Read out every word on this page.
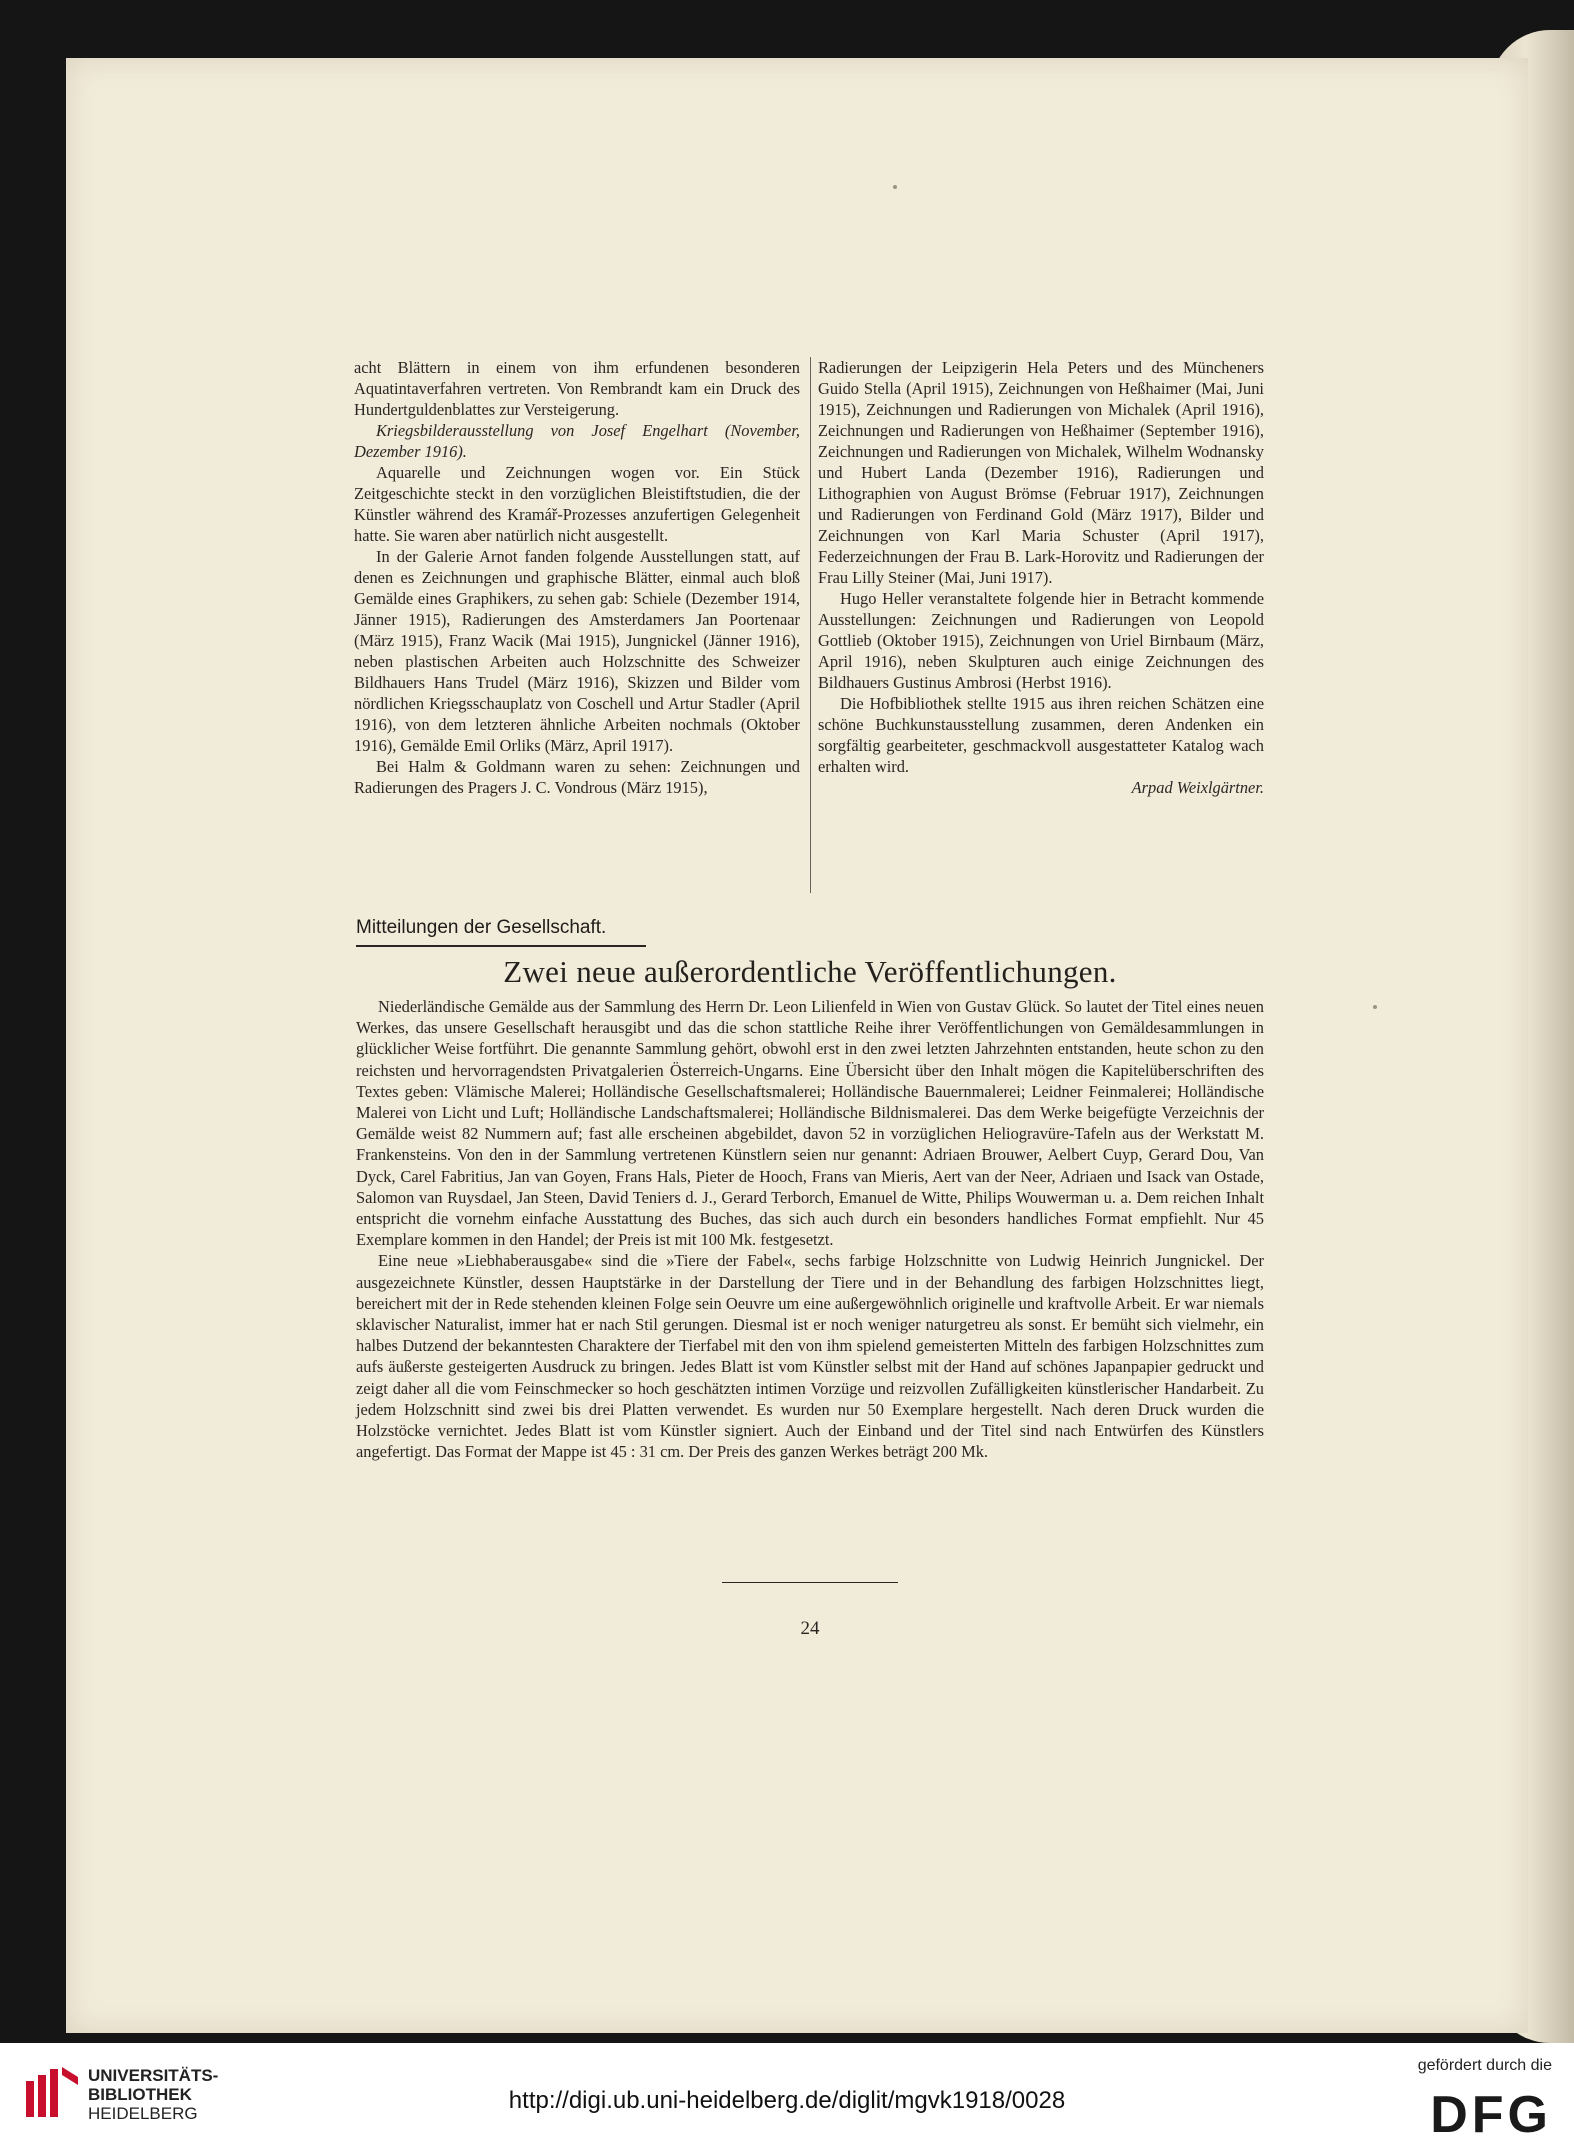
acht Blättern in einem von ihm erfundenen besonderen Aquatintaverfahren vertreten. Von Rembrandt kam ein Druck des Hundertguldenblattes zur Versteigerung.

Kriegsbilderausstellung von Josef Engelhart (November, Dezember 1916).

Aquarelle und Zeichnungen wogen vor. Ein Stück Zeitgeschichte steckt in den vorzüglichen Bleistiftstudien, die der Künstler während des Kramář-Prozesses anzufertigen Gelegenheit hatte. Sie waren aber natürlich nicht ausgestellt.

In der Galerie Arnot fanden folgende Ausstellungen statt, auf denen es Zeichnungen und graphische Blätter, einmal auch bloß Gemälde eines Graphikers, zu sehen gab: Schiele (Dezember 1914, Jänner 1915), Radierungen des Amsterdamers Jan Poortenaar (März 1915), Franz Wacik (Mai 1915), Jungnickel (Jänner 1916), neben plastischen Arbeiten auch Holzschnitte des Schweizer Bildhauers Hans Trudel (März 1916), Skizzen und Bilder vom nördlichen Kriegsschauplatz von Coschell und Artur Stadler (April 1916), von dem letzteren ähnliche Arbeiten nochmals (Oktober 1916), Gemälde Emil Orliks (März, April 1917).

Bei Halm & Goldmann waren zu sehen: Zeichnungen und Radierungen des Pragers J. C. Vondrous (März 1915),

Radierungen der Leipzigerin Hela Peters und des Müncheners Guido Stella (April 1915), Zeichnungen von Heßhaimer (Mai, Juni 1915), Zeichnungen und Radierungen von Michalek (April 1916), Zeichnungen und Radierungen von Heßhaimer (September 1916), Zeichnungen und Radierungen von Michalek, Wilhelm Wodnansky und Hubert Landa (Dezember 1916), Radierungen und Lithographien von August Brömse (Februar 1917), Zeichnungen und Radierungen von Ferdinand Gold (März 1917), Bilder und Zeichnungen von Karl Maria Schuster (April 1917), Federzeichnungen der Frau B. Lark-Horovitz und Radierungen der Frau Lilly Steiner (Mai, Juni 1917).

Hugo Heller veranstaltete folgende hier in Betracht kommende Ausstellungen: Zeichnungen und Radierungen von Leopold Gottlieb (Oktober 1915), Zeichnungen von Uriel Birnbaum (März, April 1916), neben Skulpturen auch einige Zeichnungen des Bildhauers Gustinus Ambrosi (Herbst 1916).

Die Hofbibliothek stellte 1915 aus ihren reichen Schätzen eine schöne Buchkunstausstellung zusammen, deren Andenken ein sorgfältig gearbeiteter, geschmackvoll ausgestatteter Katalog wach erhalten wird.

Arpad Weixlgärtner.

Mitteilungen der Gesellschaft.
Zwei neue außerordentliche Veröffentlichungen.

Niederländische Gemälde aus der Sammlung des Herrn Dr. Leon Lilienfeld in Wien von Gustav Glück. So lautet der Titel eines neuen Werkes, das unsere Gesellschaft herausgibt und das die schon stattliche Reihe ihrer Veröffentlichungen von Gemäldesammlungen in glücklicher Weise fortführt. Die genannte Sammlung gehört, obwohl erst in den zwei letzten Jahrzehnten entstanden, heute schon zu den reichsten und hervorragendsten Privatgalerien Österreich-Ungarns. Eine Übersicht über den Inhalt mögen die Kapitelüberschriften des Textes geben: Vlämische Malerei; Holländische Gesellschaftsmalerei; Holländische Bauernmalerei; Leidner Feinmalerei; Holländische Malerei von Licht und Luft; Holländische Landschaftsmalerei; Holländische Bildnismalerei. Das dem Werke beigefügte Verzeichnis der Gemälde weist 82 Nummern auf; fast alle erscheinen abgebildet, davon 52 in vorzüglichen Heliogravüre-Tafeln aus der Werkstatt M. Frankensteins. Von den in der Sammlung vertretenen Künstlern seien nur genannt: Adriaen Brouwer, Aelbert Cuyp, Gerard Dou, Van Dyck, Carel Fabritius, Jan van Goyen, Frans Hals, Pieter de Hooch, Frans van Mieris, Aert van der Neer, Adriaen und Isack van Ostade, Salomon van Ruysdael, Jan Steen, David Teniers d. J., Gerard Terborch, Emanuel de Witte, Philips Wouwerman u. a. Dem reichen Inhalt entspricht die vornehm einfache Ausstattung des Buches, das sich auch durch ein besonders handliches Format empfiehlt. Nur 45 Exemplare kommen in den Handel; der Preis ist mit 100 Mk. festgesetzt.

Eine neue »Liebhaberausgabe« sind die »Tiere der Fabel«, sechs farbige Holzschnitte von Ludwig Heinrich Jungnickel. Der ausgezeichnete Künstler, dessen Hauptstärke in der Darstellung der Tiere und in der Behandlung des farbigen Holzschnittes liegt, bereichert mit der in Rede stehenden kleinen Folge sein Oeuvre um eine außergewöhnlich originelle und kraftvolle Arbeit. Er war niemals sklavischer Naturalist, immer hat er nach Stil gerungen. Diesmal ist er noch weniger naturgetreu als sonst. Er bemüht sich vielmehr, ein halbes Dutzend der bekanntesten Charaktere der Tierfabel mit den von ihm spielend gemeisterten Mitteln des farbigen Holzschnittes zum aufs äußerste gesteigerten Ausdruck zu bringen. Jedes Blatt ist vom Künstler selbst mit der Hand auf schönes Japanpapier gedruckt und zeigt daher all die vom Feinschmecker so hoch geschätzten intimen Vorzüge und reizvollen Zufälligkeiten künstlerischer Handarbeit. Zu jedem Holzschnitt sind zwei bis drei Platten verwendet. Es wurden nur 50 Exemplare hergestellt. Nach deren Druck wurden die Holzstöcke vernichtet. Jedes Blatt ist vom Künstler signiert. Auch der Einband und der Titel sind nach Entwürfen des Künstlers angefertigt. Das Format der Mappe ist 45 : 31 cm. Der Preis des ganzen Werkes beträgt 200 Mk.

24
UNIVERSITÄTS-
BIBLIOTHEK
HEIDELBERG	http://digi.ub.uni-heidelberg.de/diglit/mgvk1918/0028
gefördert durch die
DFG
